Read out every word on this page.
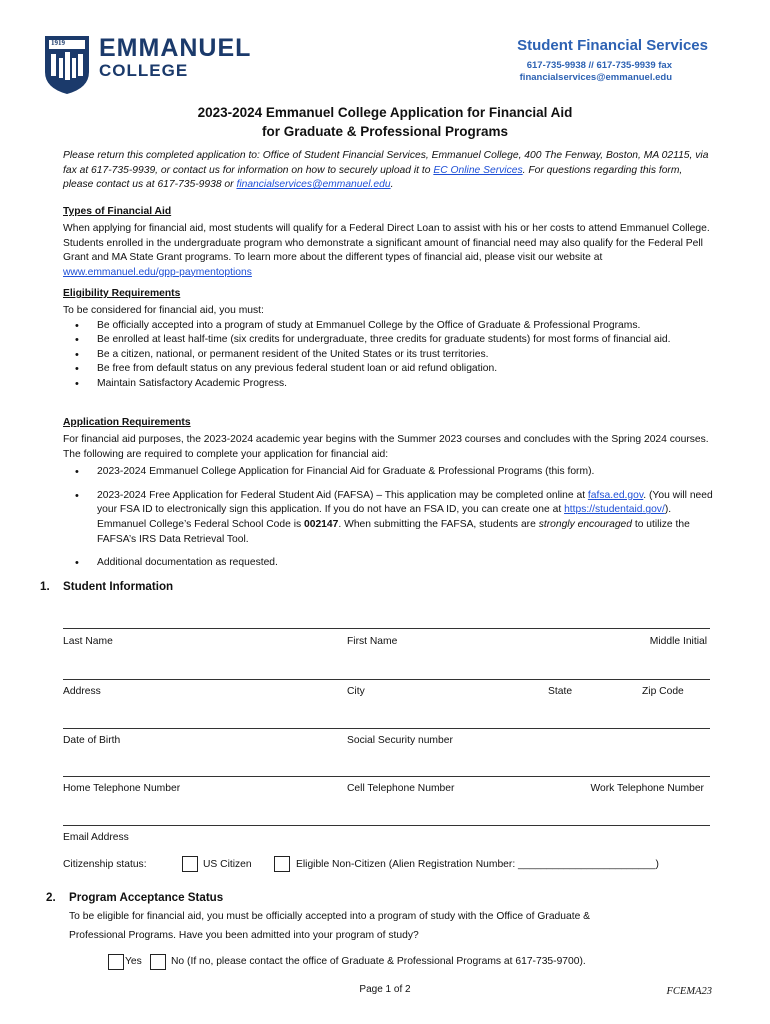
1919 EMMANUEL
COLLEGE
Student Financial Services
617-735-9938 // 617-735-9939 fax
financialservices@emmanuel.edu
2023-2024 Emmanuel College Application for Financial Aid
for Graduate & Professional Programs
Please return this completed application to: Office of Student Financial Services, Emmanuel College, 400 The Fenway, Boston, MA 02115, via fax at 617-735-9939, or contact us for information on how to securely upload it to EC Online Services. For questions regarding this form, please contact us at 617-735-9938 or financialservices@emmanuel.edu.
Types of Financial Aid
When applying for financial aid, most students will qualify for a Federal Direct Loan to assist with his or her costs to attend Emmanuel College. Students enrolled in the undergraduate program who demonstrate a significant amount of financial need may also qualify for the Federal Pell Grant and MA State Grant programs. To learn more about the different types of financial aid, please visit our website at www.emmanuel.edu/gpp-paymentoptions
Eligibility Requirements
To be considered for financial aid, you must:
• Be officially accepted into a program of study at Emmanuel College by the Office of Graduate & Professional Programs.
• Be enrolled at least half-time (six credits for undergraduate, three credits for graduate students) for most forms of financial aid.
• Be a citizen, national, or permanent resident of the United States or its trust territories.
• Be free from default status on any previous federal student loan or aid refund obligation.
• Maintain Satisfactory Academic Progress.
Application Requirements
For financial aid purposes, the 2023-2024 academic year begins with the Summer 2023 courses and concludes with the Spring 2024 courses. The following are required to complete your application for financial aid:
• 2023-2024 Emmanuel College Application for Financial Aid for Graduate & Professional Programs (this form).
• 2023-2024 Free Application for Federal Student Aid (FAFSA) – This application may be completed online at fafsa.ed.gov. (You will need your FSA ID to electronically sign this application. If you do not have an FSA ID, you can create one at https://studentaid.gov/). Emmanuel College’s Federal School Code is 002147. When submitting the FAFSA, students are strongly encouraged to utilize the FAFSA’s IRS Data Retrieval Tool.
• Additional documentation as requested.
1. Student Information
Last Name	First Name	Middle Initial
Address	City	State	Zip Code
Date of Birth	Social Security number
Home Telephone Number	Cell Telephone Number	Work Telephone Number
Email Address
Citizenship status:	US Citizen	Eligible Non-Citizen (Alien Registration Number: ________________________)
2. Program Acceptance Status
To be eligible for financial aid, you must be officially accepted into a program of study with the Office of Graduate &
Professional Programs. Have you been admitted into your program of study?
Yes	No (If no, please contact the office of Graduate & Professional Programs at 617-735-9700).
Page 1 of 2	FCEMA23
